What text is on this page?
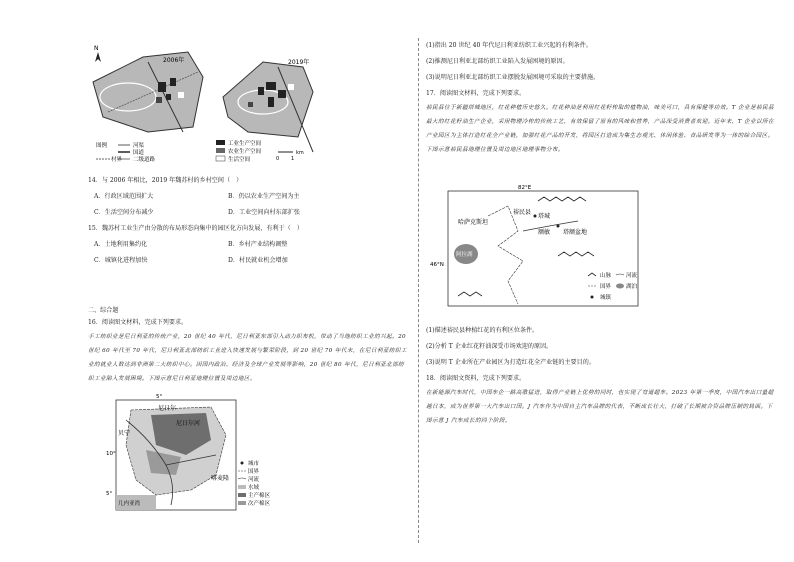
N
2006年	2019年
图例	河渠
国道
二级道路
村界
工业生产空间
农业生产空间
生活空间	0 1
km
14．与 2006 年相比，2019 年魏苏村的乡村空间（　）
A．行政区域范围扩大	B．仍以农业生产空间为主
C．生活空间分布减少	D．工业空间向村东部扩张
15．魏苏村工业生产由分散的布局形态向集中的园区化方向发展，有利于（　）
A．土地利用集约化	B．乡村产业结构调整
C．城镇化进程加快	D．村民就业机会增加
二、综合题
16．阅读图文材料，完成下列要求。
手工纺织业是尼日利亚的传统产业，20 世纪 40 年代，尼日利亚东部引入动力织布机，带动了当地纺织工业的兴起。20 世纪 60 年代至 70 年代，尼日利亚北部纺织工业进入快速发展与繁荣阶段，到 20 世纪 70 年代末，在尼日利亚纺织工业的就业人数达到非洲第二大纺织中心。因国内政治、经济及全球产业发展等影响，20 世纪 80 年代，尼日利亚北部纺织工业陷入发展困境。下图示意尼日利亚地理位置及周边地区。
5°
10°
5°
尼日尔
贝宁
尼日尔河
喀麦隆
几内亚湾
城市
国界
河流
水域
主产棉区
次产棉区
(1)指出 20 世纪 40 年代尼日利亚纺织工业兴起的有利条件。
(2)推测尼日利亚北部纺织工业陷入发展困境的原因。
(3)说明尼日利亚北部纺织工业摆脱发展困境可采取的主要措施。
17．阅读图文材料，完成下列要求。
裕民县位于新疆塔城地区，红花种植历史悠久。红花种油是利用红花籽榨取的植物油，味美可口，具有保健等功效。T 企业是裕民县最大的红花籽油生产企业，采用物理冷榨的传统工艺，有效保留了原有的风味和营养，产品深受消费者欢迎。近年来，T 企业以所在产业园区为主体打造红花全产业链，加强红花产品的开发，将园区打造成为集生态观光、休闲体验、食品研发等为一体的综合园区。下图示意裕民县地理位置及周边地区地理事物分布。
82°E
46°N
哈萨克斯坦
裕民县
塔城
额敏 塔额盆地
阿拉湖
山脉	河流
国界	湖泊
城镇
(1)描述裕民县种植红花的有利区位条件。
(2)分析 T 企业红花籽油深受市场欢迎的原因。
(3)说明 T 企业所在产业园区为打造红花全产业链的主要目的。
18．阅读图文资料，完成下列要求。
在新能源汽车时代，中国车企一路高歌猛进，取得产业链上优势的同时，也实现了弯道超车。2023 年第一季度，中国汽车出口量超越日本，成为世界第一大汽车出口国。J 汽车作为中国自主汽车品牌的代表，不断成长壮大，打破了长期被合资品牌压制的局面。下图示意 J 汽车成长的四个阶段。
